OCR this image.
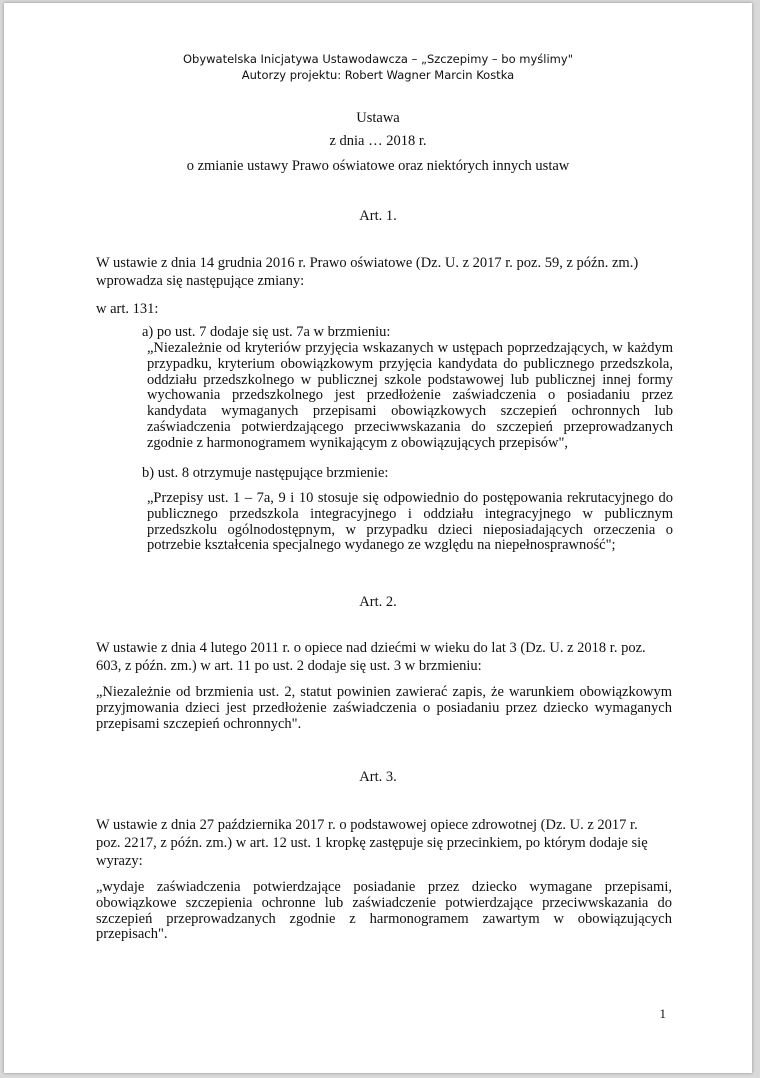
Obywatelska Inicjatywa Ustawodawcza – „Szczepimy – bo myślimy"
Autorzy projektu: Robert Wagner Marcin Kostka
Ustawa
z dnia … 2018 r.
o zmianie ustawy Prawo oświatowe oraz niektórych innych ustaw
Art. 1.
W ustawie z dnia 14 grudnia 2016 r. Prawo oświatowe (Dz. U. z 2017 r. poz. 59, z późn. zm.)
wprowadza się następujące zmiany:
w art. 131:
a) po ust. 7 dodaje się ust. 7a w brzmieniu:
„Niezależnie od kryteriów przyjęcia wskazanych w ustępach poprzedzających, w każdym przypadku, kryterium obowiązkowym przyjęcia kandydata do publicznego przedszkola, oddziału przedszkolnego w publicznej szkole podstawowej lub publicznej innej formy wychowania przedszkolnego jest przedłożenie zaświadczenia o posiadaniu przez kandydata wymaganych przepisami obowiązkowych szczepień ochronnych lub zaświadczenia potwierdzającego przeciwwskazania do szczepień przeprowadzanych zgodnie z harmonogramem wynikającym z obowiązujących przepisów",
b) ust. 8 otrzymuje następujące brzmienie:
„Przepisy ust. 1 – 7a, 9 i 10 stosuje się odpowiednio do postępowania rekrutacyjnego do publicznego przedszkola integracyjnego i oddziału integracyjnego w publicznym przedszkolu ogólnodostępnym, w przypadku dzieci nieposiadających orzeczenia o potrzebie kształcenia specjalnego wydanego ze względu na niepełnosprawność";
Art. 2.
W ustawie z dnia 4 lutego 2011 r. o opiece nad dziećmi w wieku do lat 3 (Dz. U. z 2018 r. poz.
603, z późn. zm.) w art. 11 po ust. 2 dodaje się ust. 3 w brzmieniu:
„Niezależnie od brzmienia ust. 2, statut powinien zawierać zapis, że warunkiem obowiązkowym przyjmowania dzieci jest przedłożenie zaświadczenia o posiadaniu przez dziecko wymaganych przepisami szczepień ochronnych".
Art. 3.
W ustawie z dnia 27 października 2017 r. o podstawowej opiece zdrowotnej (Dz. U. z 2017 r.
poz. 2217, z późn. zm.) w art. 12 ust. 1 kropkę zastępuje się przecinkiem, po którym dodaje się
wyrazy:
„wydaje zaświadczenia potwierdzające posiadanie przez dziecko wymagane przepisami, obowiązkowe szczepienia ochronne lub zaświadczenie potwierdzające przeciwwskazania do szczepień przeprowadzanych zgodnie z harmonogramem zawartym w obowiązujących przepisach".
1
